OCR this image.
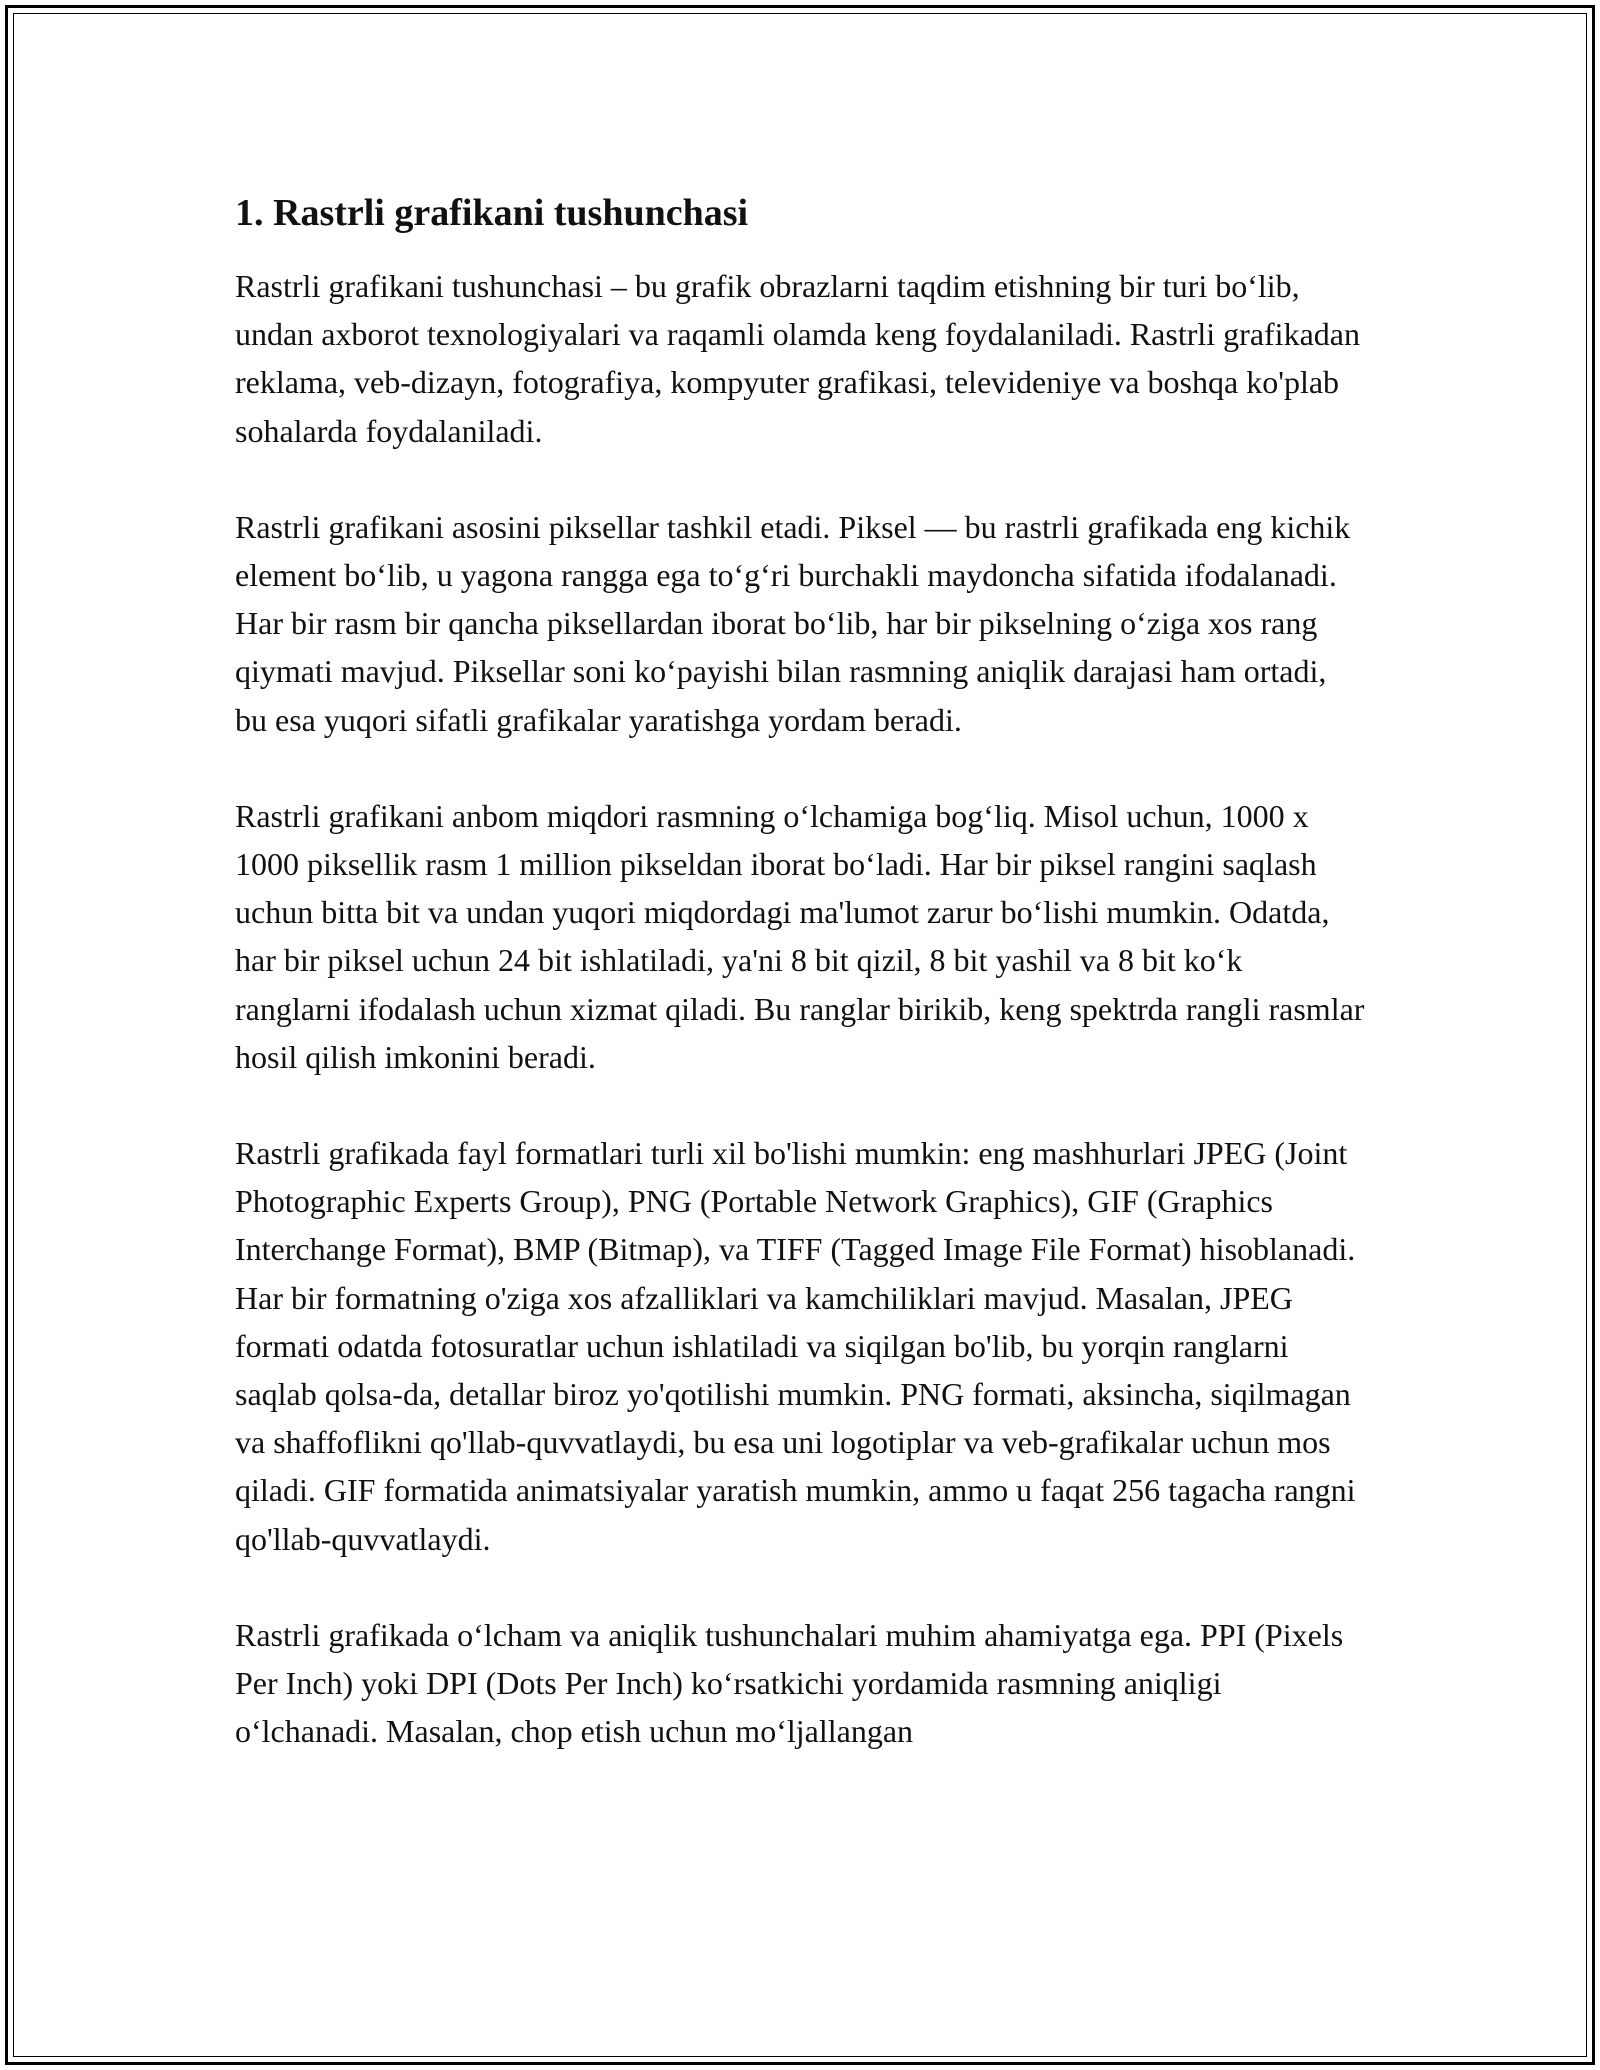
1. Rastrli grafikani tushunchasi

Rastrli grafikani tushunchasi – bu grafik obrazlarni taqdim etishning bir turi bo‘lib, undan axborot texnologiyalari va raqamli olamda keng foydalaniladi. Rastrli grafikadan reklama, veb-dizayn, fotografiya, kompyuter grafikasi, televideniye va boshqa ko'plab sohalarda foydalaniladi.

Rastrli grafikani asosini piksellar tashkil etadi. Piksel — bu rastrli grafikada eng kichik element bo‘lib, u yagona rangga ega to‘g‘ri burchakli maydoncha sifatida ifodalanadi. Har bir rasm bir qancha piksellardan iborat bo‘lib, har bir pikselning o‘ziga xos rang qiymati mavjud. Piksellar soni ko‘payishi bilan rasmning aniqlik darajasi ham ortadi, bu esa yuqori sifatli grafikalar yaratishga yordam beradi.

Rastrli grafikani anbom miqdori rasmning o‘lchamiga bog‘liq. Misol uchun, 1000 x 1000 piksellik rasm 1 million pikseldan iborat bo‘ladi. Har bir piksel rangini saqlash uchun bitta bit va undan yuqori miqdordagi ma'lumot zarur bo‘lishi mumkin. Odatda, har bir piksel uchun 24 bit ishlatiladi, ya'ni 8 bit qizil, 8 bit yashil va 8 bit ko‘k ranglarni ifodalash uchun xizmat qiladi. Bu ranglar birikib, keng spektrda rangli rasmlar hosil qilish imkonini beradi.

Rastrli grafikada fayl formatlari turli xil bo'lishi mumkin: eng mashhurlari JPEG (Joint Photographic Experts Group), PNG (Portable Network Graphics), GIF (Graphics Interchange Format), BMP (Bitmap), va TIFF (Tagged Image File Format) hisoblanadi. Har bir formatning o'ziga xos afzalliklari va kamchiliklari mavjud. Masalan, JPEG formati odatda fotosuratlar uchun ishlatiladi va siqilgan bo'lib, bu yorqin ranglarni saqlab qolsa-da, detallar biroz yo'qotilishi mumkin. PNG formati, aksincha, siqilmagan va shaffoflikni qo'llab-quvvatlaydi, bu esa uni logotiplar va veb-grafikalar uchun mos qiladi. GIF formatida animatsiyalar yaratish mumkin, ammo u faqat 256 tagacha rangni qo'llab-quvvatlaydi.

Rastrli grafikada o‘lcham va aniqlik tushunchalari muhim ahamiyatga ega. PPI (Pixels Per Inch) yoki DPI (Dots Per Inch) ko‘rsatkichi yordamida rasmning aniqligi o‘lchanadi. Masalan, chop etish uchun mo‘ljallangan
